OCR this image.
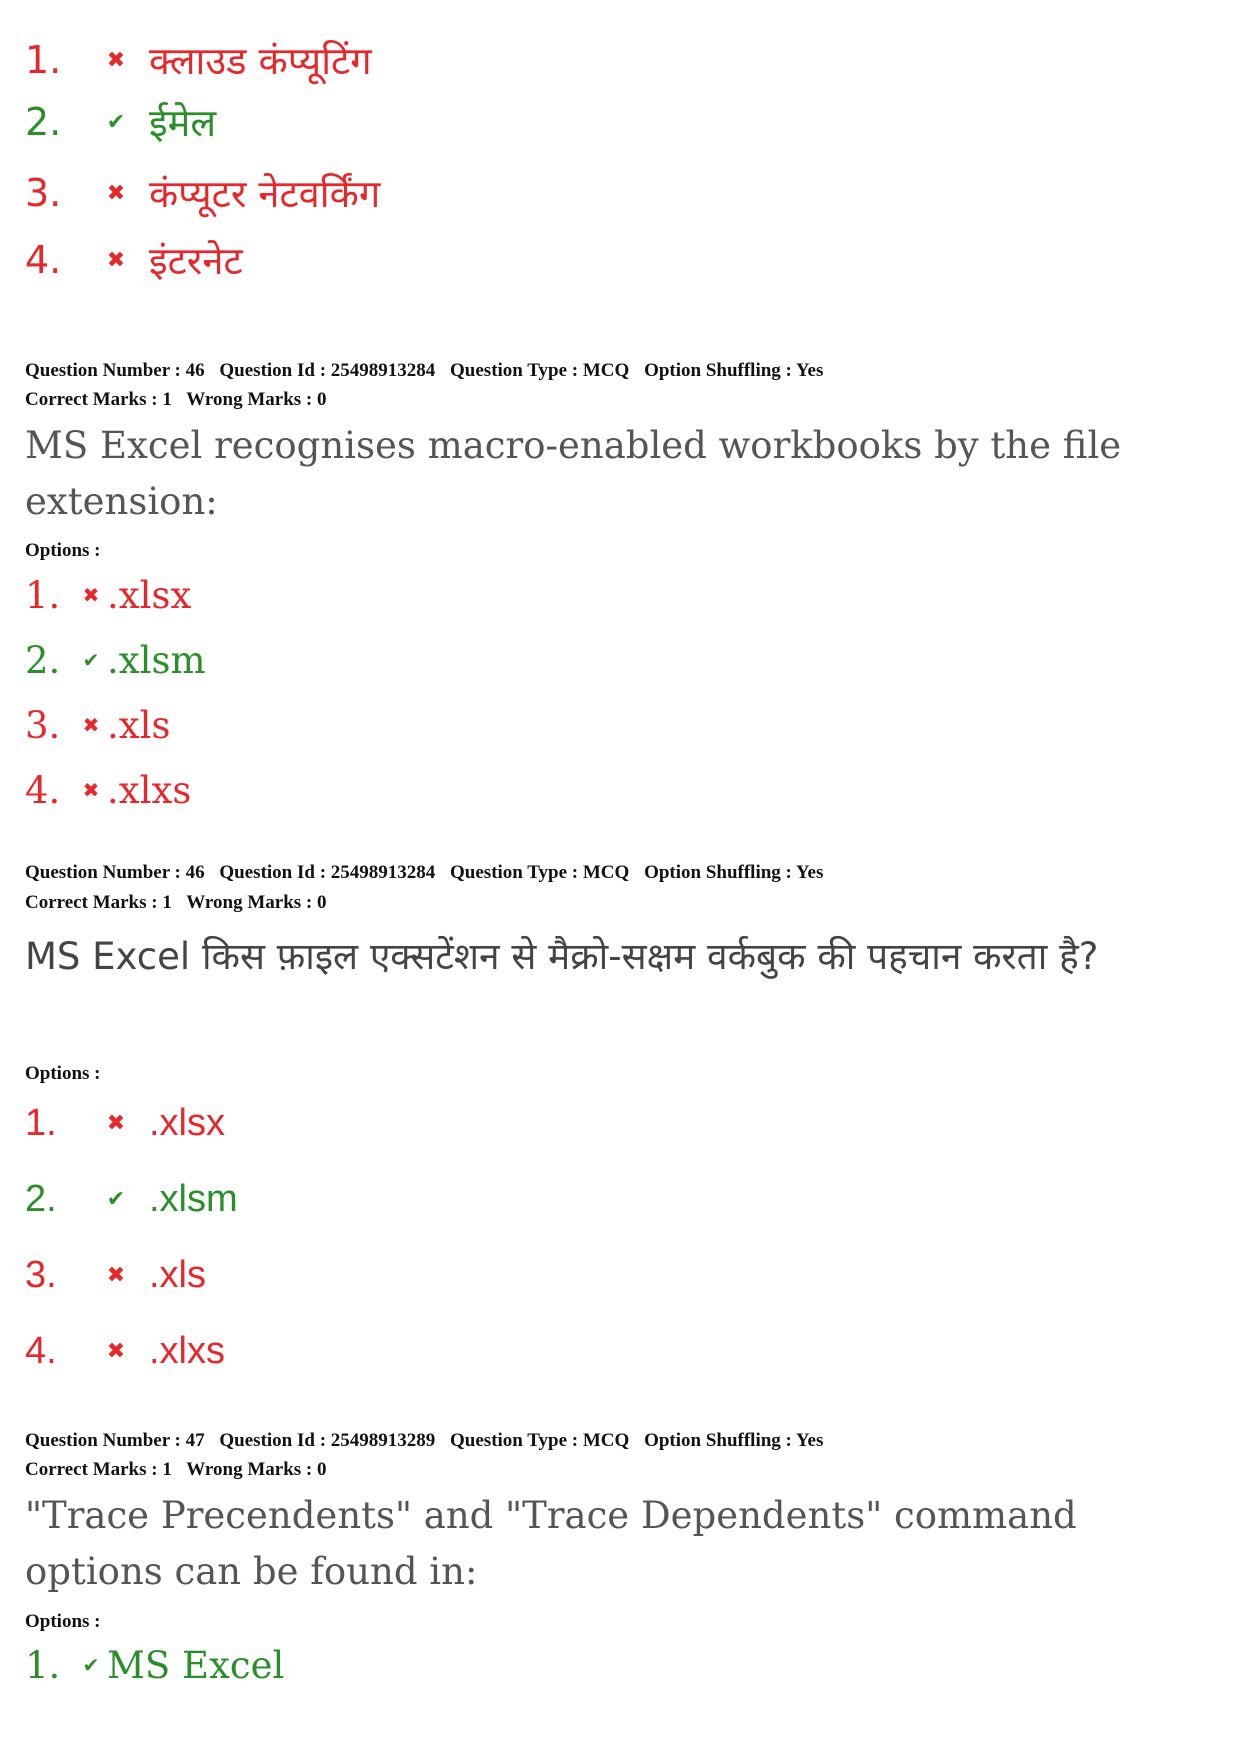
1.	✖ क्लाउड कंप्यूटिंग
2.	✔ ईमेल
3.	✖ कंप्यूटर नेटवर्किंग
4.	✖ इंटरनेट
Question Number : 46 Question Id : 25498913284 Question Type : MCQ Option Shuffling : Yes
Correct Marks : 1 Wrong Marks : 0
MS Excel recognises macro-enabled workbooks by the file extension:
Options :
1.	✖ .xlsx
2.	✔ .xlsm
3.	✖ .xls
4.	✖ .xlxs
Question Number : 46 Question Id : 25498913284 Question Type : MCQ Option Shuffling : Yes
Correct Marks : 1 Wrong Marks : 0
MS Excel किस फ़ाइल एक्सटेंशन से मैक्रो-सक्षम वर्कबुक की पहचान करता है?
Options :
1.	✖ .xlsx
2.	✔ .xlsm
3.	✖ .xls
4.	✖ .xlxs
Question Number : 47 Question Id : 25498913289 Question Type : MCQ Option Shuffling : Yes
Correct Marks : 1 Wrong Marks : 0
"Trace Precendents" and "Trace Dependents" command options can be found in:
Options :
1.	✔ MS Excel
